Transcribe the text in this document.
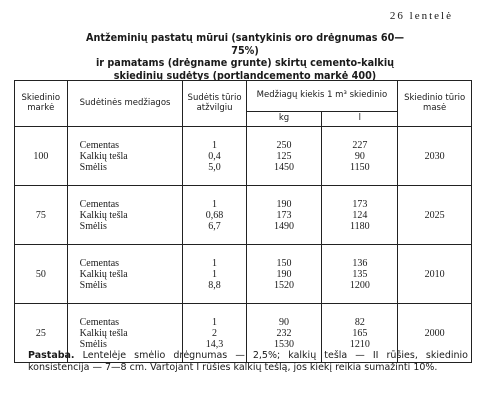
26 lentelė
Antžeminių pastatų mūrui (santykinis oro drėgnumas 60—75%)
ir pamatams (drėgname grunte) skirtų cemento-kalkių
skiedinių sudėtys (portlandcemento markė 400)
Skiedinio markė	Sudėtinės medžiagos	Sudėtis tūrio atžvilgiu	Medžiagų kiekis 1 m³ skiedinio		Skiedinio tūrio masė
			kg	l	
100	Cementas
Kalkių tešla
Smėlis	1
0,4
5,0	250
125
1450	227
90
1150	2030
75	Cementas
Kalkių tešla
Smėlis	1
0,68
6,7	190
173
1490	173
124
1180	2025
50	Cementas
Kalkių tešla
Smėlis	1
1
8,8	150
190
1520	136
135
1200	2010
25	Cementas
Kalkių tešla
Smėlis	1
2
14,3	90
232
1530	82
165
1210	2000
Pastaba. Lentelėje smėlio drėgnumas — 2,5%; kalkių tešla — II rūšies, skiedinio konsistencija — 7—8 cm. Vartojant I rūšies kalkių tešlą, jos kiekį reikia sumažinti 10%.
